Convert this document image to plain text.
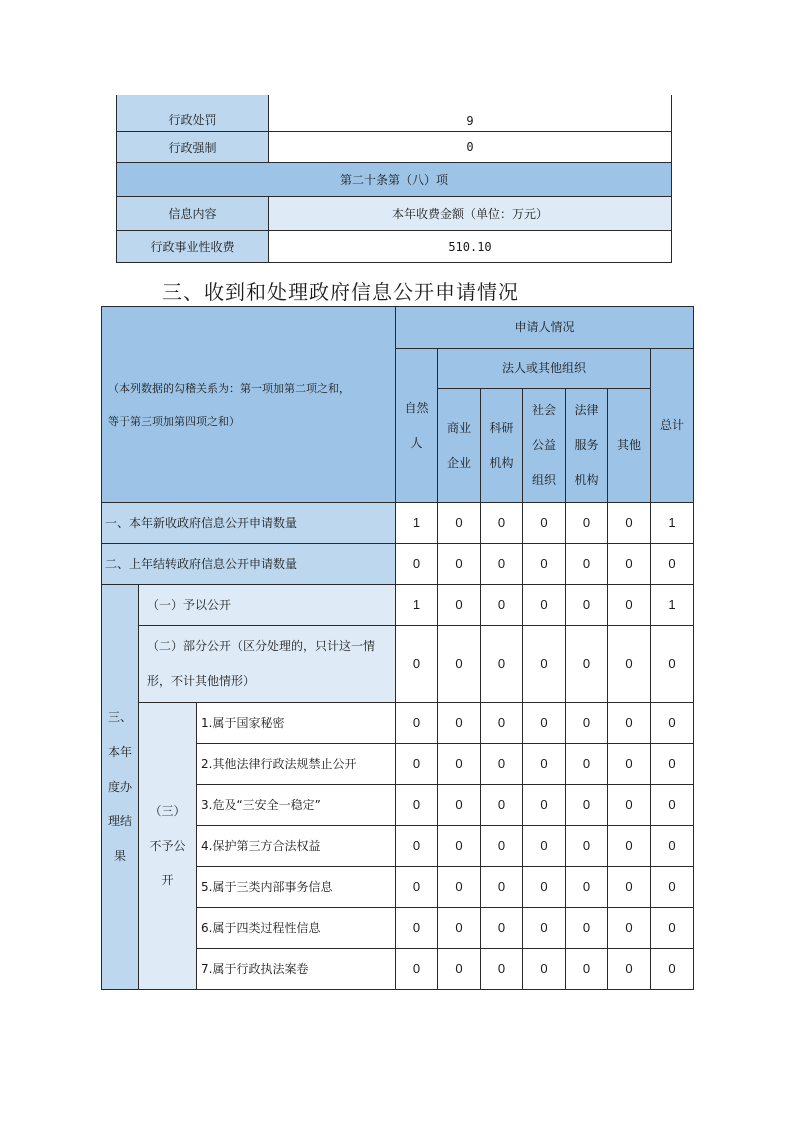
行政处罚	9

行政强制	0
第二十条第（八）项	
信息内容	本年收费金额（单位：万元）
行政事业性收费	510.10
三、收到和处理政府信息公开申请情况
（本列数据的勾稽关系为：第一项加第二项之和，
等于第三项加第四项之和）			申请人情况						
			自然人	法人或其他组织					总计
				商业企业	科研机构	社会公益组织	法律服务机构	其他	
一、本年新收政府信息公开申请数量			1	0	0	0	0	0	1
二、上年结转政府信息公开申请数量			0	0	0	0	0	0	0
三、本年度办理结果	（一）予以公开		1	0	0	0	0	0	1
	（二）部分公开（区分处理的，只计这一情形，不计其他情形）		0	0	0	0	0	0	0
	（三）不予公开	1.属于国家秘密	0	0	0	0	0	0	0
		2.其他法律行政法规禁止公开	0	0	0	0	0	0	0
		3.危及“三安全一稳定”	0	0	0	0	0	0	0
		4.保护第三方合法权益	0	0	0	0	0	0	0
		5.属于三类内部事务信息	0	0	0	0	0	0	0
		6.属于四类过程性信息	0	0	0	0	0	0	0
		7.属于行政执法案卷	0	0	0	0	0	0	0
